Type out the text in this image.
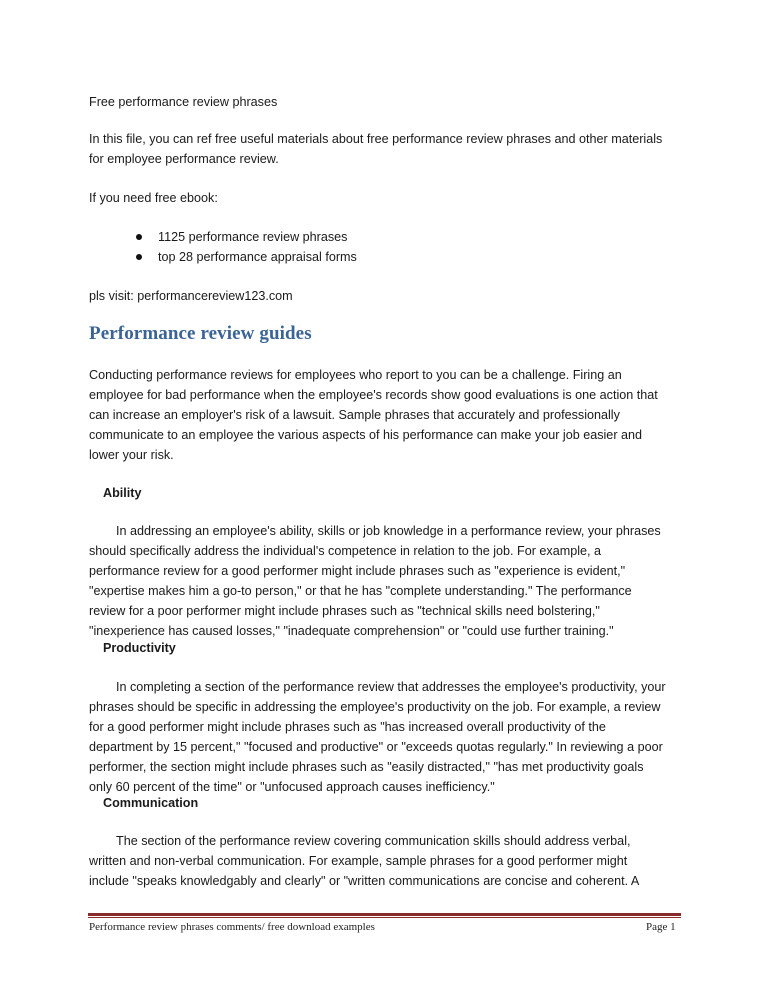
Free performance review phrases
In this file, you can ref free useful materials about free performance review phrases and other materials
for employee performance review.
If you need free ebook:
1125 performance review phrases
top 28 performance appraisal forms
pls visit: performancereview123.com
Performance review guides
Conducting performance reviews for employees who report to you can be a challenge. Firing an
employee for bad performance when the employee's records show good evaluations is one action that
can increase an employer's risk of a lawsuit. Sample phrases that accurately and professionally
communicate to an employee the various aspects of his performance can make your job easier and
lower your risk.
Ability
In addressing an employee's ability, skills or job knowledge in a performance review, your phrases
should specifically address the individual's competence in relation to the job. For example, a
performance review for a good performer might include phrases such as "experience is evident,"
"expertise makes him a go-to person," or that he has "complete understanding." The performance
review for a poor performer might include phrases such as "technical skills need bolstering,"
"inexperience has caused losses," "inadequate comprehension" or "could use further training."
Productivity
In completing a section of the performance review that addresses the employee's productivity, your
phrases should be specific in addressing the employee's productivity on the job. For example, a review
for a good performer might include phrases such as "has increased overall productivity of the
department by 15 percent," "focused and productive" or "exceeds quotas regularly." In reviewing a poor
performer, the section might include phrases such as "easily distracted," "has met productivity goals
only 60 percent of the time" or "unfocused approach causes inefficiency."
Communication
The section of the performance review covering communication skills should address verbal,
written and non-verbal communication. For example, sample phrases for a good performer might
include "speaks knowledgably and clearly" or "written communications are concise and coherent. A
Performance review phrases comments/ free download examples	Page 1
